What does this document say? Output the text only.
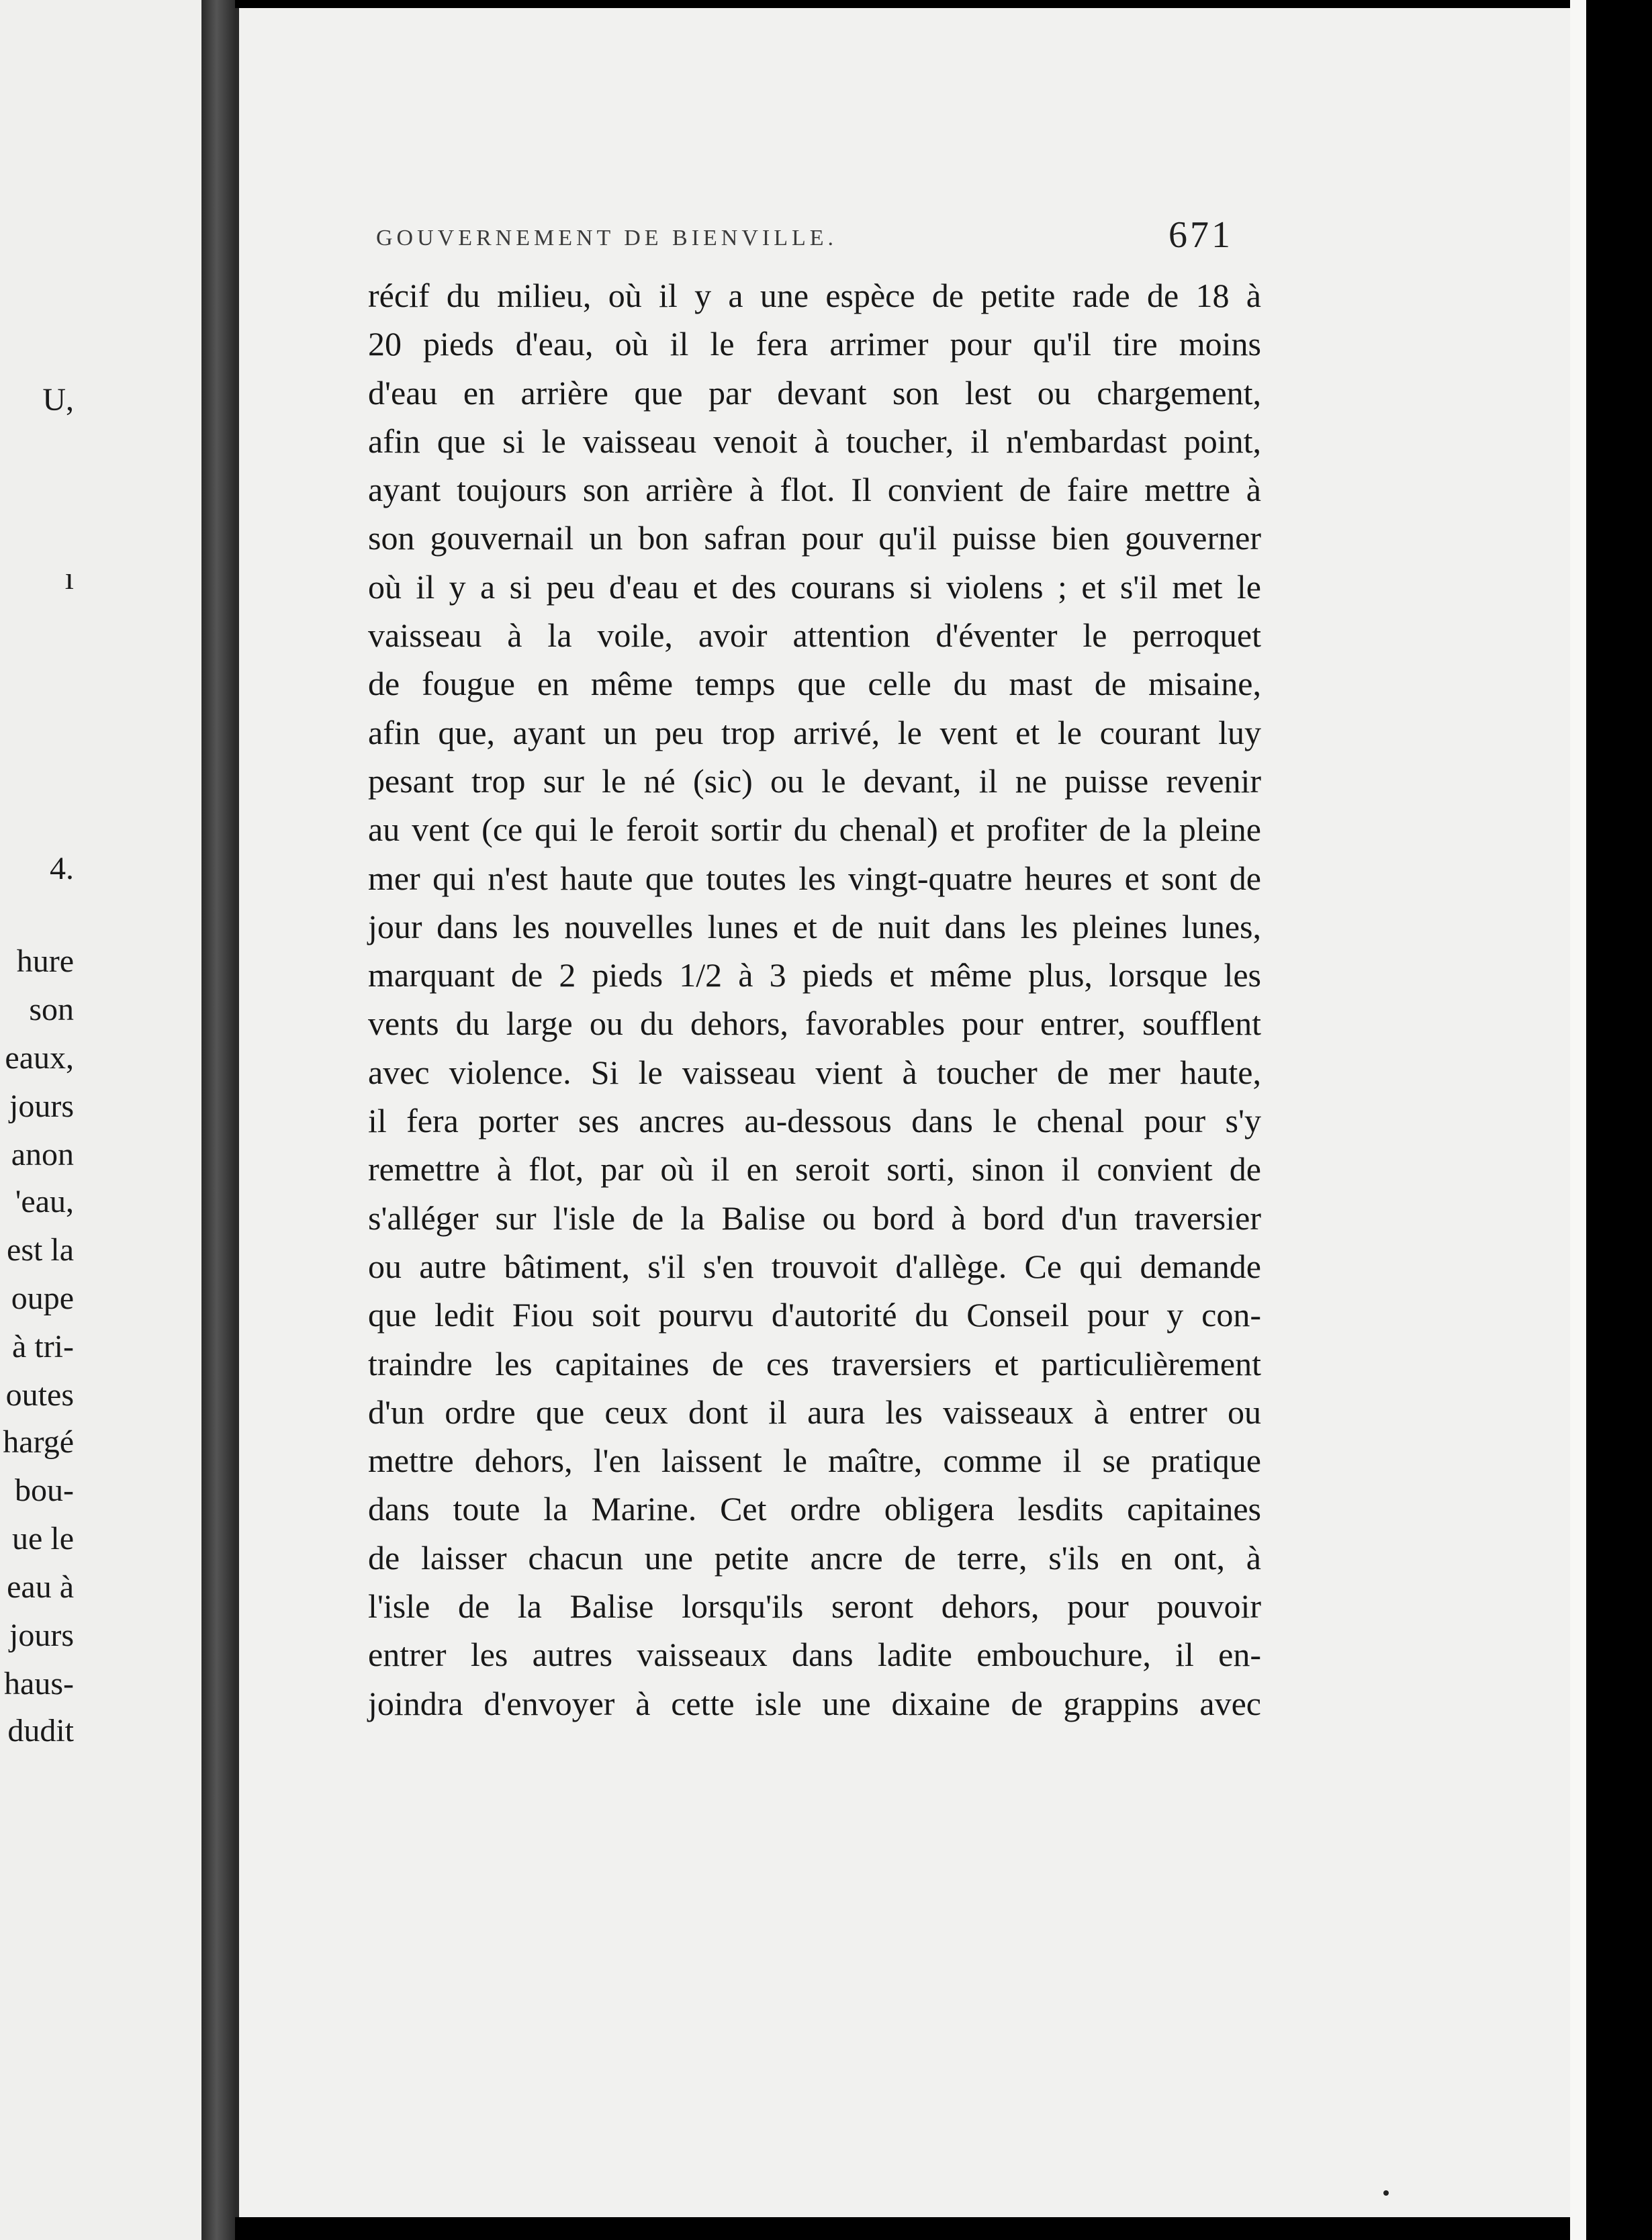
U,
ı
4.
hure
son
eaux,
jours
anon
'eau,
est la
oupe
à tri-
outes
hargé
bou-
ue le
eau à
jours
haus-
dudit
GOUVERNEMENT DE BIENVILLE.	671
récif du milieu, où il y a une espèce de petite rade de 18 à
20 pieds d'eau, où il le fera arrimer pour qu'il tire moins
d'eau en arrière que par devant son lest ou chargement,
afin que si le vaisseau venoit à toucher, il n'embardast point,
ayant toujours son arrière à flot. Il convient de faire mettre à
son gouvernail un bon safran pour qu'il puisse bien gouverner
où il y a si peu d'eau et des courans si violens ; et s'il met le
vaisseau à la voile, avoir attention d'éventer le perroquet
de fougue en même temps que celle du mast de misaine,
afin que, ayant un peu trop arrivé, le vent et le courant luy
pesant trop sur le né (sic) ou le devant, il ne puisse revenir
au vent (ce qui le feroit sortir du chenal) et profiter de la pleine
mer qui n'est haute que toutes les vingt-quatre heures et sont de
jour dans les nouvelles lunes et de nuit dans les pleines lunes,
marquant de 2 pieds 1/2 à 3 pieds et même plus, lorsque les
vents du large ou du dehors, favorables pour entrer, soufflent
avec violence. Si le vaisseau vient à toucher de mer haute,
il fera porter ses ancres au-dessous dans le chenal pour s'y
remettre à flot, par où il en seroit sorti, sinon il convient de
s'alléger sur l'isle de la Balise ou bord à bord d'un traversier
ou autre bâtiment, s'il s'en trouvoit d'allège. Ce qui demande
que ledit Fiou soit pourvu d'autorité du Conseil pour y con-
traindre les capitaines de ces traversiers et particulièrement
d'un ordre que ceux dont il aura les vaisseaux à entrer ou
mettre dehors, l'en laissent le maître, comme il se pratique
dans toute la Marine. Cet ordre obligera lesdits capitaines
de laisser chacun une petite ancre de terre, s'ils en ont, à
l'isle de la Balise lorsqu'ils seront dehors, pour pouvoir
entrer les autres vaisseaux dans ladite embouchure, il en-
joindra d'envoyer à cette isle une dixaine de grappins avec
